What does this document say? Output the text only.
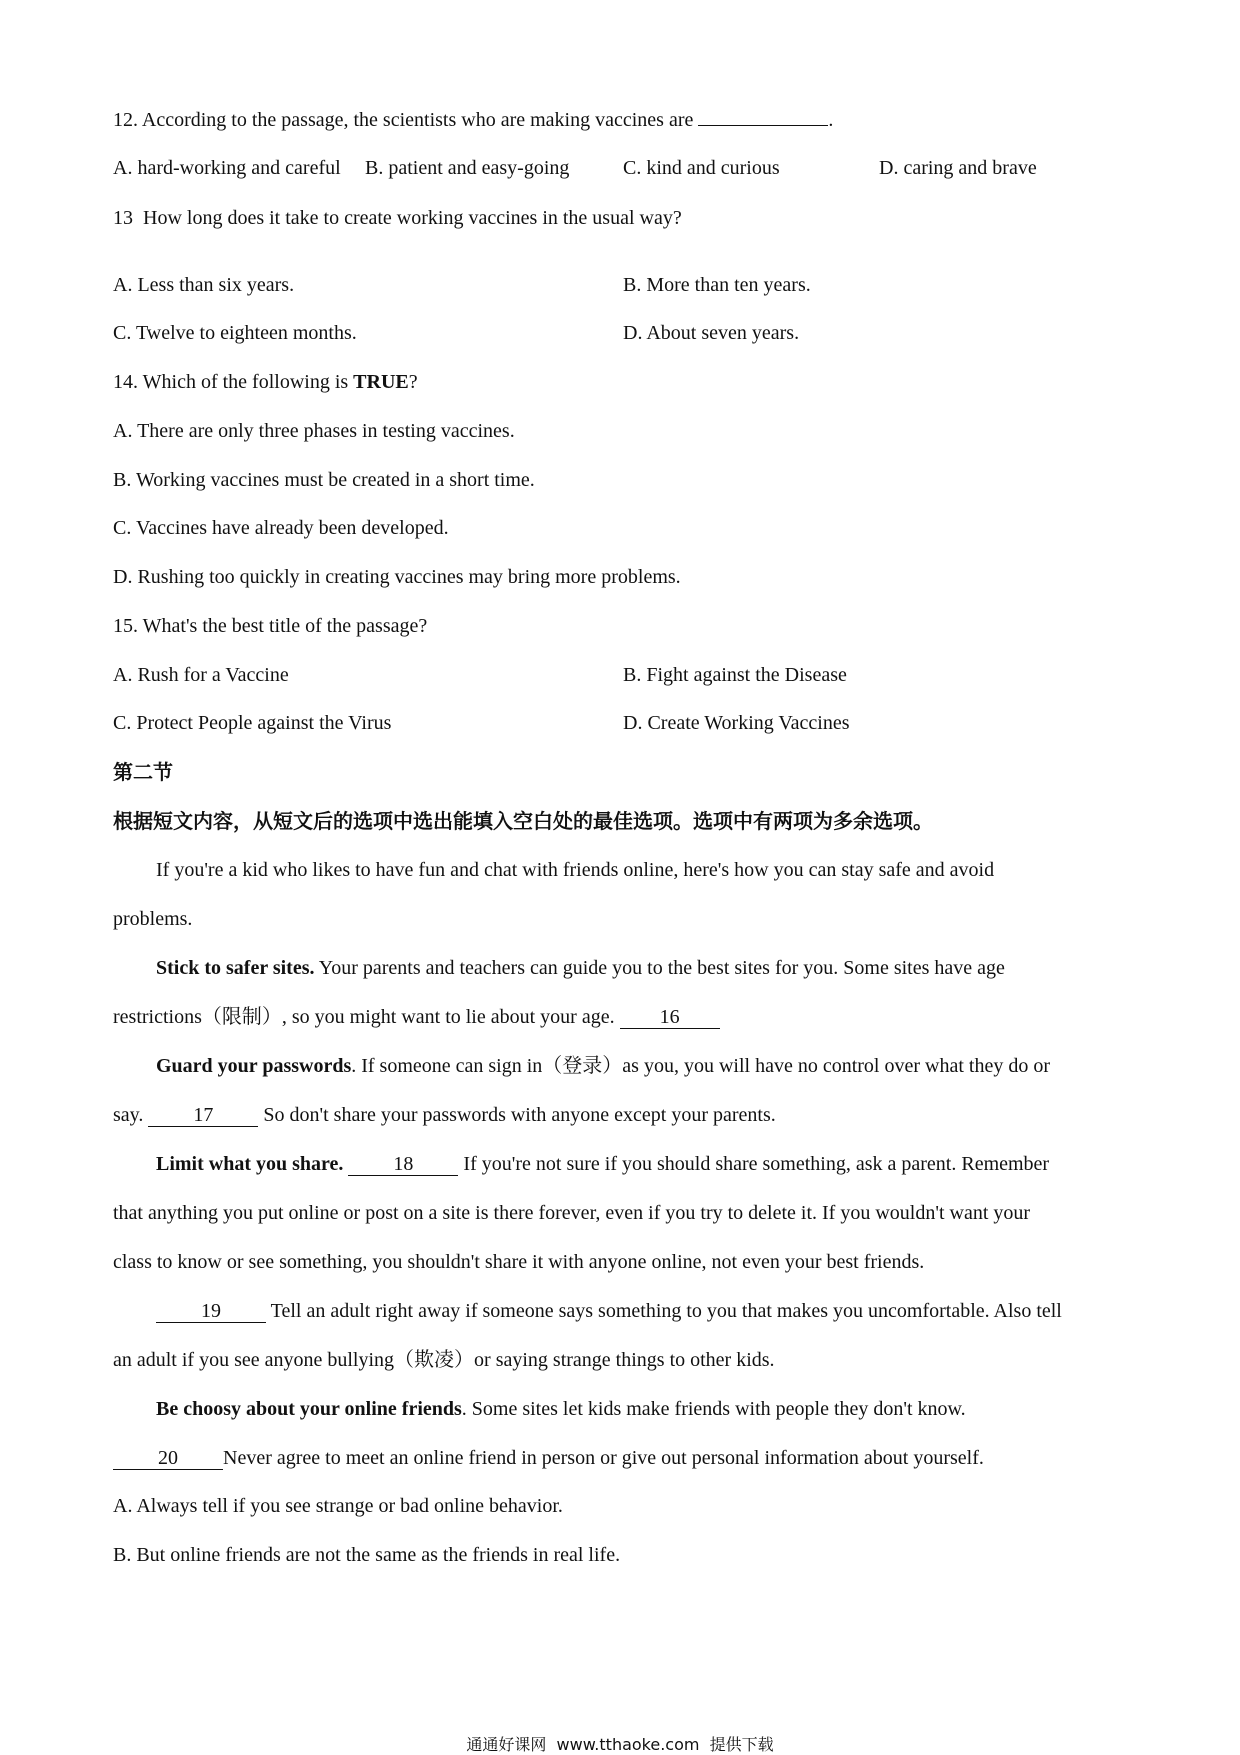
12. According to the passage, the scientists who are making vaccines are	.
A. hard-working and careful B. patient and easy-going	C. kind and curious	D. caring and brave
13  How long does it take to create working vaccines in the usual way?
A. Less than six years.	B. More than ten years.
C. Twelve to eighteen months.	D. About seven years.
14. Which of the following is TRUE?
A. There are only three phases in testing vaccines.
B. Working vaccines must be created in a short time.
C. Vaccines have already been developed.
D. Rushing too quickly in creating vaccines may bring more problems.
15. What's the best title of the passage?
A. Rush for a Vaccine	B. Fight against the Disease
C. Protect People against the Virus	D. Create Working Vaccines
第二节
根据短文内容，从短文后的选项中选出能填入空白处的最佳选项。选项中有两项为多余选项。
If you're a kid who likes to have fun and chat with friends online, here's how you can stay safe and avoid
problems.
Stick to safer sites. Your parents and teachers can guide you to the best sites for you. Some sites have age
restrictions（限制）, so you might want to lie about your age. 16
Guard your passwords. If someone can sign in（登录）as you, you will have no control over what they do or
say.	17	So don't share your passwords with anyone except your parents.
Limit what you share.	18	If you're not sure if you should share something, ask a parent. Remember
that anything you put online or post on a site is there forever, even if you try to delete it. If you wouldn't want your
class to know or see something, you shouldn't share it with anyone online, not even your best friends.
19 Tell an adult right away if someone says something to you that makes you uncomfortable. Also tell
an adult if you see anyone bullying（欺凌）or saying strange things to other kids.
Be choosy about your online friends. Some sites let kids make friends with people they don't know.
20 Never agree to meet an online friend in person or give out personal information about yourself.
A. Always tell if you see strange or bad online behavior.
B. But online friends are not the same as the friends in real life.
通通好课网  www.tthaoke.com  提供下载
